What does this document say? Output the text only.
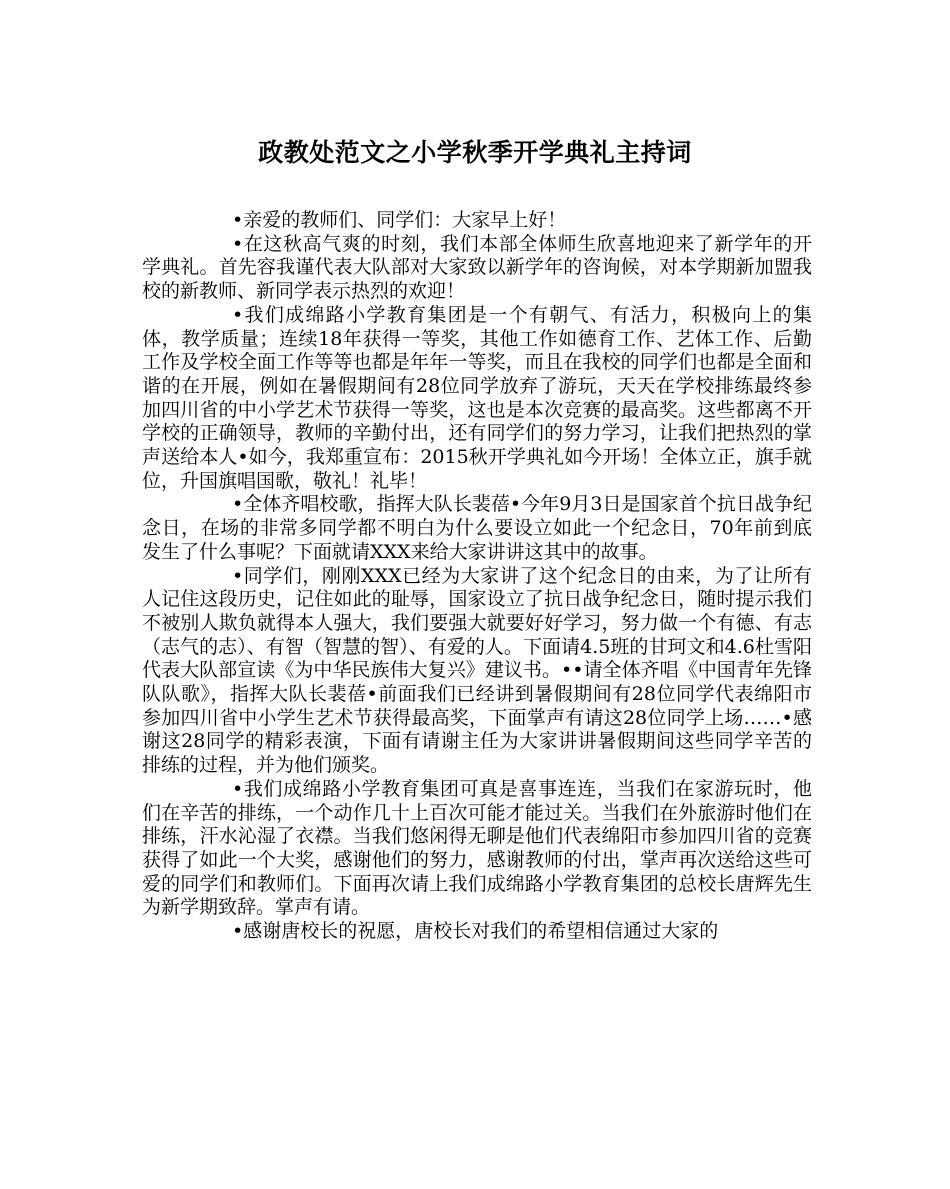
政教处范文之小学秋季开学典礼主持词

•亲爱的教师们、同学们：大家早上好！

•在这秋高气爽的时刻，我们本部全体师生欣喜地迎来了新学年的开学典礼。首先容我谨代表大队部对大家致以新学年的咨询候，对本学期新加盟我校的新教师、新同学表示热烈的欢迎！

•我们成绵路小学教育集团是一个有朝气、有活力，积极向上的集体，教学质量；连续18年获得一等奖，其他工作如德育工作、艺体工作、后勤工作及学校全面工作等等也都是年年一等奖，而且在我校的同学们也都是全面和谐的在开展，例如在暑假期间有28位同学放弃了游玩，天天在学校排练最终参加四川省的中小学艺术节获得一等奖，这也是本次竞赛的最高奖。这些都离不开学校的正确领导，教师的辛勤付出，还有同学们的努力学习，让我们把热烈的掌声送给本人•如今，我郑重宣布：2015秋开学典礼如今开场！全体立正，旗手就位，升国旗唱国歌，敬礼！礼毕！

•全体齐唱校歌，指挥大队长裴蓓•今年9月3日是国家首个抗日战争纪念日，在场的非常多同学都不明白为什么要设立如此一个纪念日，70年前到底发生了什么事呢？下面就请XXX来给大家讲讲这其中的故事。

•同学们，刚刚XXX已经为大家讲了这个纪念日的由来，为了让所有人记住这段历史，记住如此的耻辱，国家设立了抗日战争纪念日，随时提示我们不被别人欺负就得本人强大，我们要强大就要好好学习，努力做一个有德、有志（志气的志）、有智（智慧的智）、有爱的人。下面请4.5班的甘珂文和4.6杜雪阳代表大队部宣读《为中华民族伟大复兴》建议书。••请全体齐唱《中国青年先锋队队歌》，指挥大队长裴蓓•前面我们已经讲到暑假期间有28位同学代表绵阳市参加四川省中小学生艺术节获得最高奖，下面掌声有请这28位同学上场……•感谢这28同学的精彩表演，下面有请谢主任为大家讲讲暑假期间这些同学辛苦的排练的过程，并为他们颁奖。

•我们成绵路小学教育集团可真是喜事连连，当我们在家游玩时，他们在辛苦的排练，一个动作几十上百次可能才能过关。当我们在外旅游时他们在排练，汗水沁湿了衣襟。当我们悠闲得无聊是他们代表绵阳市参加四川省的竞赛获得了如此一个大奖，感谢他们的努力，感谢教师的付出，掌声再次送给这些可爱的同学们和教师们。下面再次请上我们成绵路小学教育集团的总校长唐辉先生为新学期致辞。掌声有请。

•感谢唐校长的祝愿，唐校长对我们的希望相信通过大家的
